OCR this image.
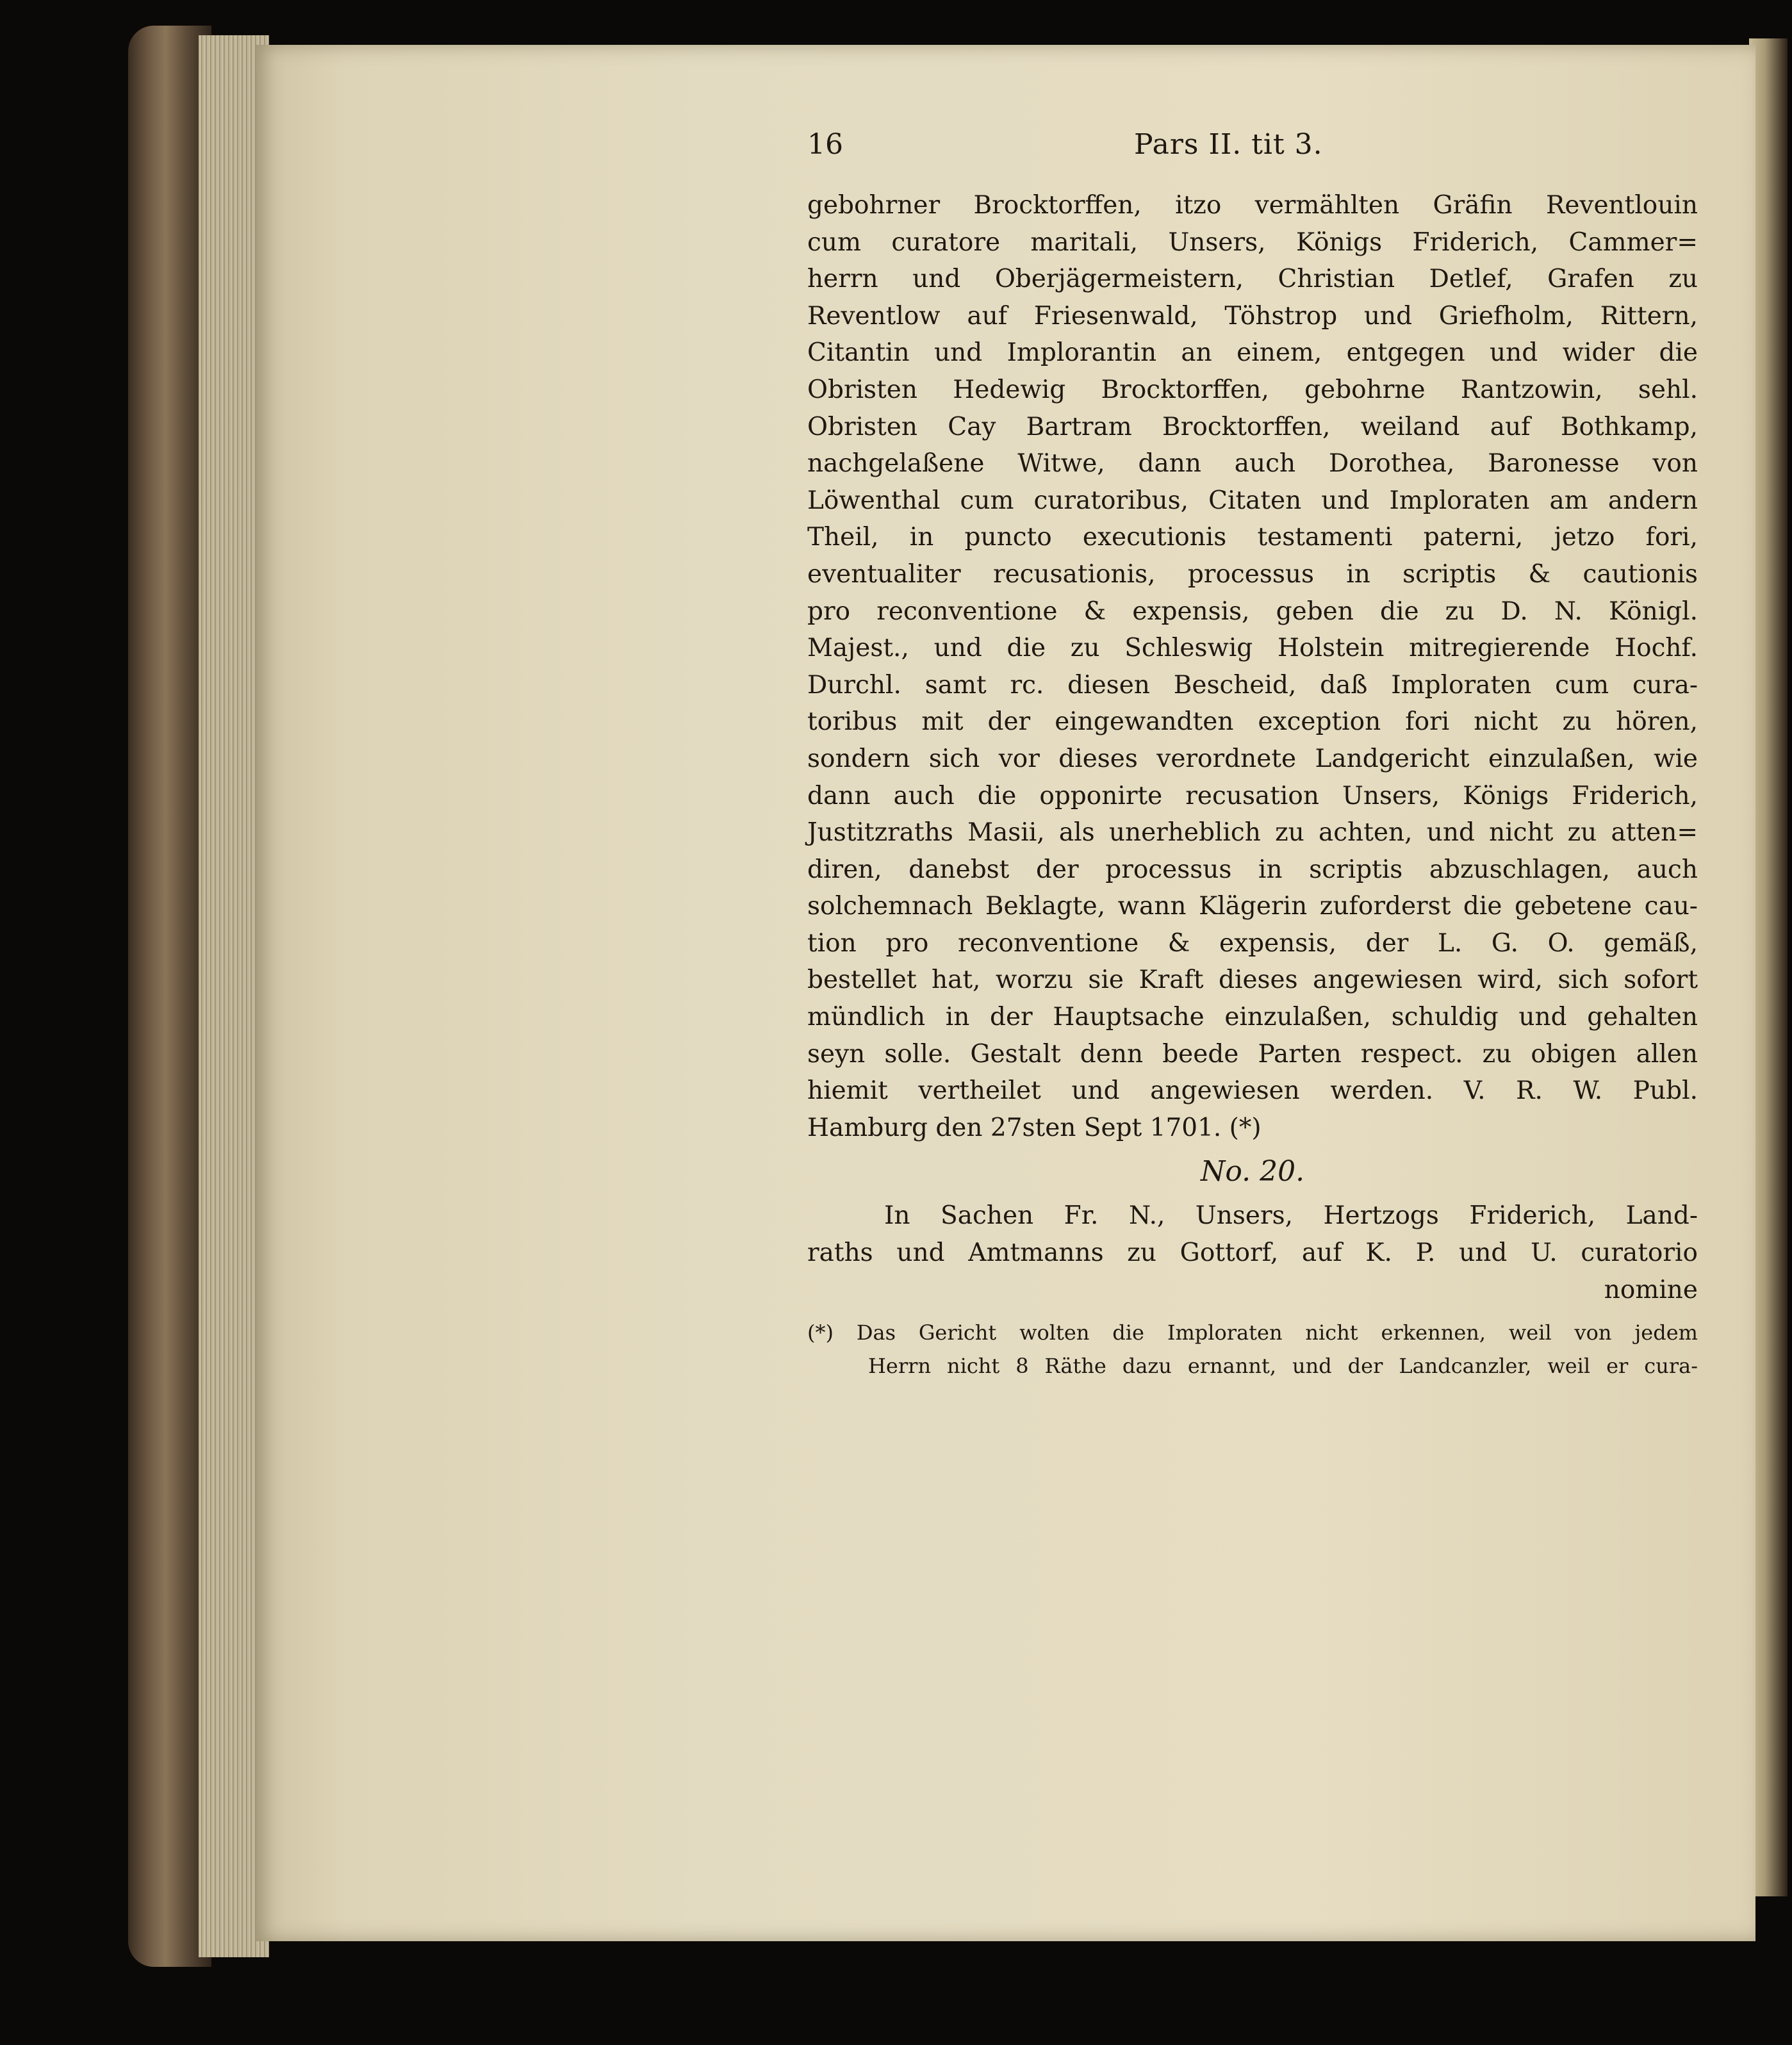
16	Pars II. tit 3.
gebohrner Brocktorffen, itzo vermählten Gräfin Reventlouin
cum curatore maritali, Unsers, Königs Friderich, Cammer=
herrn und Oberjägermeistern, Christian Detlef, Grafen zu
Reventlow auf Friesenwald, Töhstrop und Griefholm, Rittern,
Citantin und Implorantin an einem, entgegen und wider die
Obristen Hedewig Brocktorffen, gebohrne Rantzowin, sehl.
Obristen Cay Bartram Brocktorffen, weiland auf Bothkamp,
nachgelaßene Witwe, dann auch Dorothea, Baronesse von
Löwenthal cum curatoribus, Citaten und Imploraten am andern
Theil, in puncto executionis testamenti paterni, jetzo fori,
eventualiter recusationis, processus in scriptis & cautionis
pro reconventione & expensis, geben die zu D. N. Königl.
Majest., und die zu Schleswig Holstein mitregierende Hochf.
Durchl. samt rc. diesen Bescheid, daß Imploraten cum cura-
toribus mit der eingewandten exception fori nicht zu hören,
sondern sich vor dieses verordnete Landgericht einzulaßen, wie
dann auch die opponirte recusation Unsers, Königs Friderich,
Justitzraths Masii, als unerheblich zu achten, und nicht zu atten=
diren, danebst der processus in scriptis abzuschlagen, auch
solchemnach Beklagte, wann Klägerin zuforderst die gebetene cau-
tion pro reconventione & expensis, der L. G. O. gemäß,
bestellet hat, worzu sie Kraft dieses angewiesen wird, sich sofort
mündlich in der Hauptsache einzulaßen, schuldig und gehalten
seyn solle. Gestalt denn beede Parten respect. zu obigen allen
hiemit vertheilet und angewiesen werden. V. R. W. Publ.
Hamburg den 27sten Sept 1701. (*)
No. 20.
In Sachen Fr. N., Unsers, Hertzogs Friderich, Land-
raths und Amtmanns zu Gottorf, auf K. P. und U. curatorio
nomine
(*) Das Gericht wolten die Imploraten nicht erkennen, weil von jedem
Herrn nicht 8 Räthe dazu ernannt, und der Landcanzler, weil er cura-
